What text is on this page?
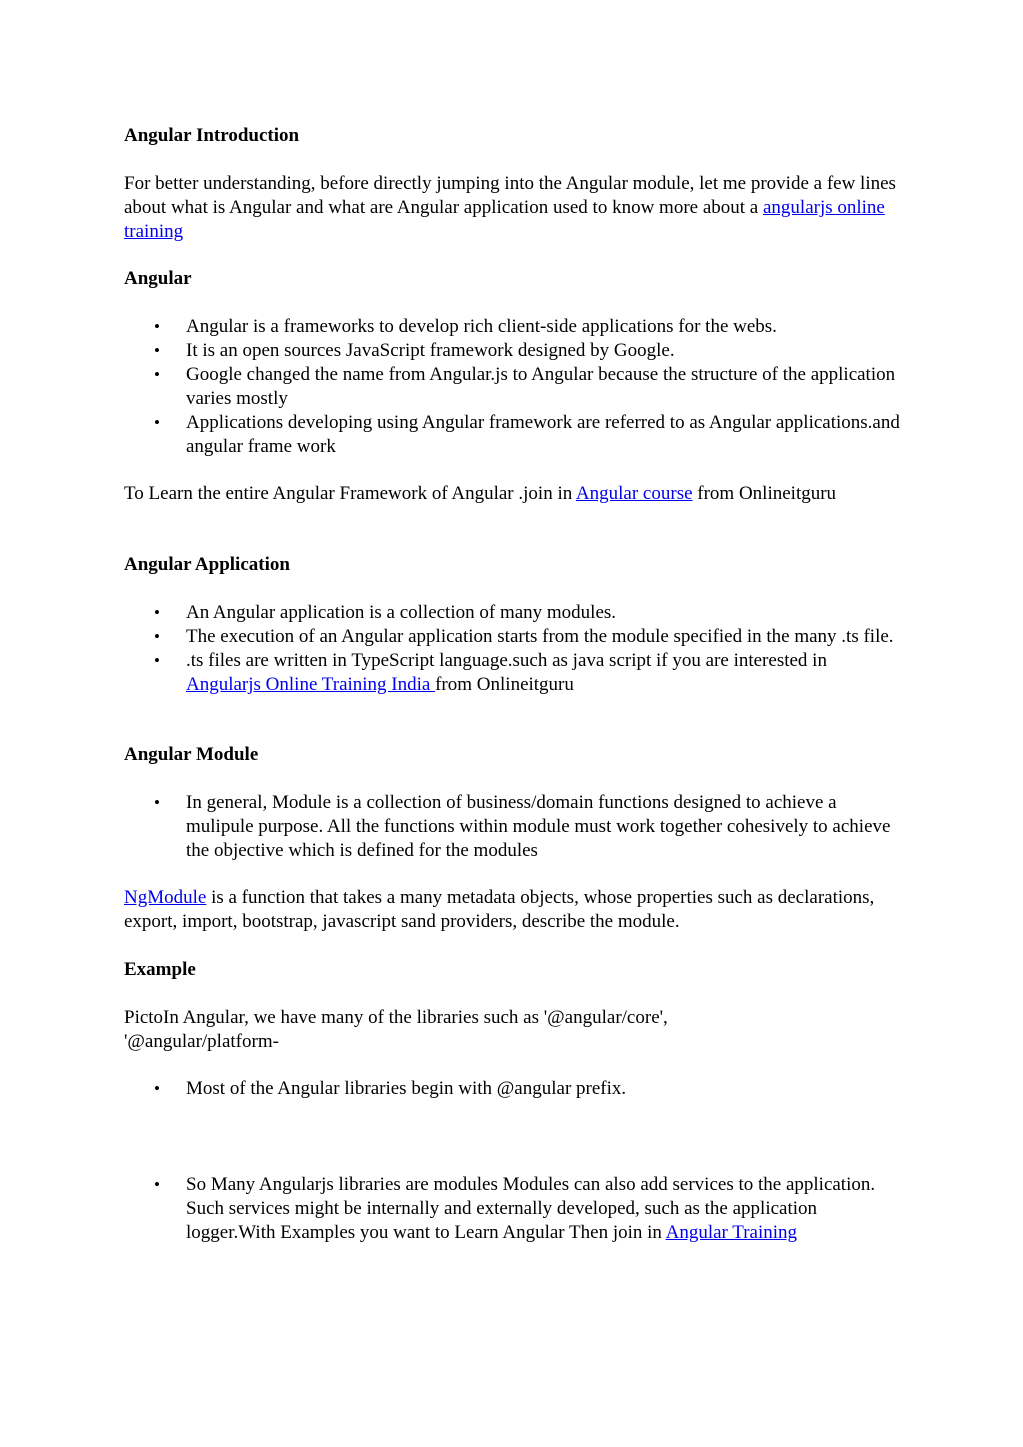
Angular Introduction

For better understanding, before directly jumping into the Angular module, let me provide a few lines about what is Angular and what are Angular application used to know more about a angularjs online training

Angular
• Angular is a frameworks to develop rich client-side applications for the webs.
• It is an open sources JavaScript framework designed by Google.
• Google changed the name from Angular.js to Angular because the structure of the application varies mostly
• Applications developing using Angular framework are referred to as Angular applications.and angular frame work

To Learn the entire Angular Framework of Angular .join in Angular course from Onlineitguru

Angular Application
• An Angular application is a collection of many modules.
• The execution of an Angular application starts from the module specified in the many .ts file.
• .ts files are written in TypeScript language.such as java script if you are interested in Angularjs Online Training India from Onlineitguru
Angular Module
• In general, Module is a collection of business/domain functions designed to achieve a mulipule purpose. All the functions within module must work together cohesively to achieve the objective which is defined for the modules

NgModule is a function that takes a many metadata objects, whose properties such as declarations, export, import, bootstrap, javascript sand providers, describe the module.

Example

PictoIn Angular, we have many of the libraries such as '@angular/core',
'@angular/platform-

• Most of the Angular libraries begin with @angular prefix.
• So Many Angularjs libraries are modules Modules can also add services to the application. Such services might be internally and externally developed, such as the application logger.With Examples you want to Learn Angular Then join in Angular Training
